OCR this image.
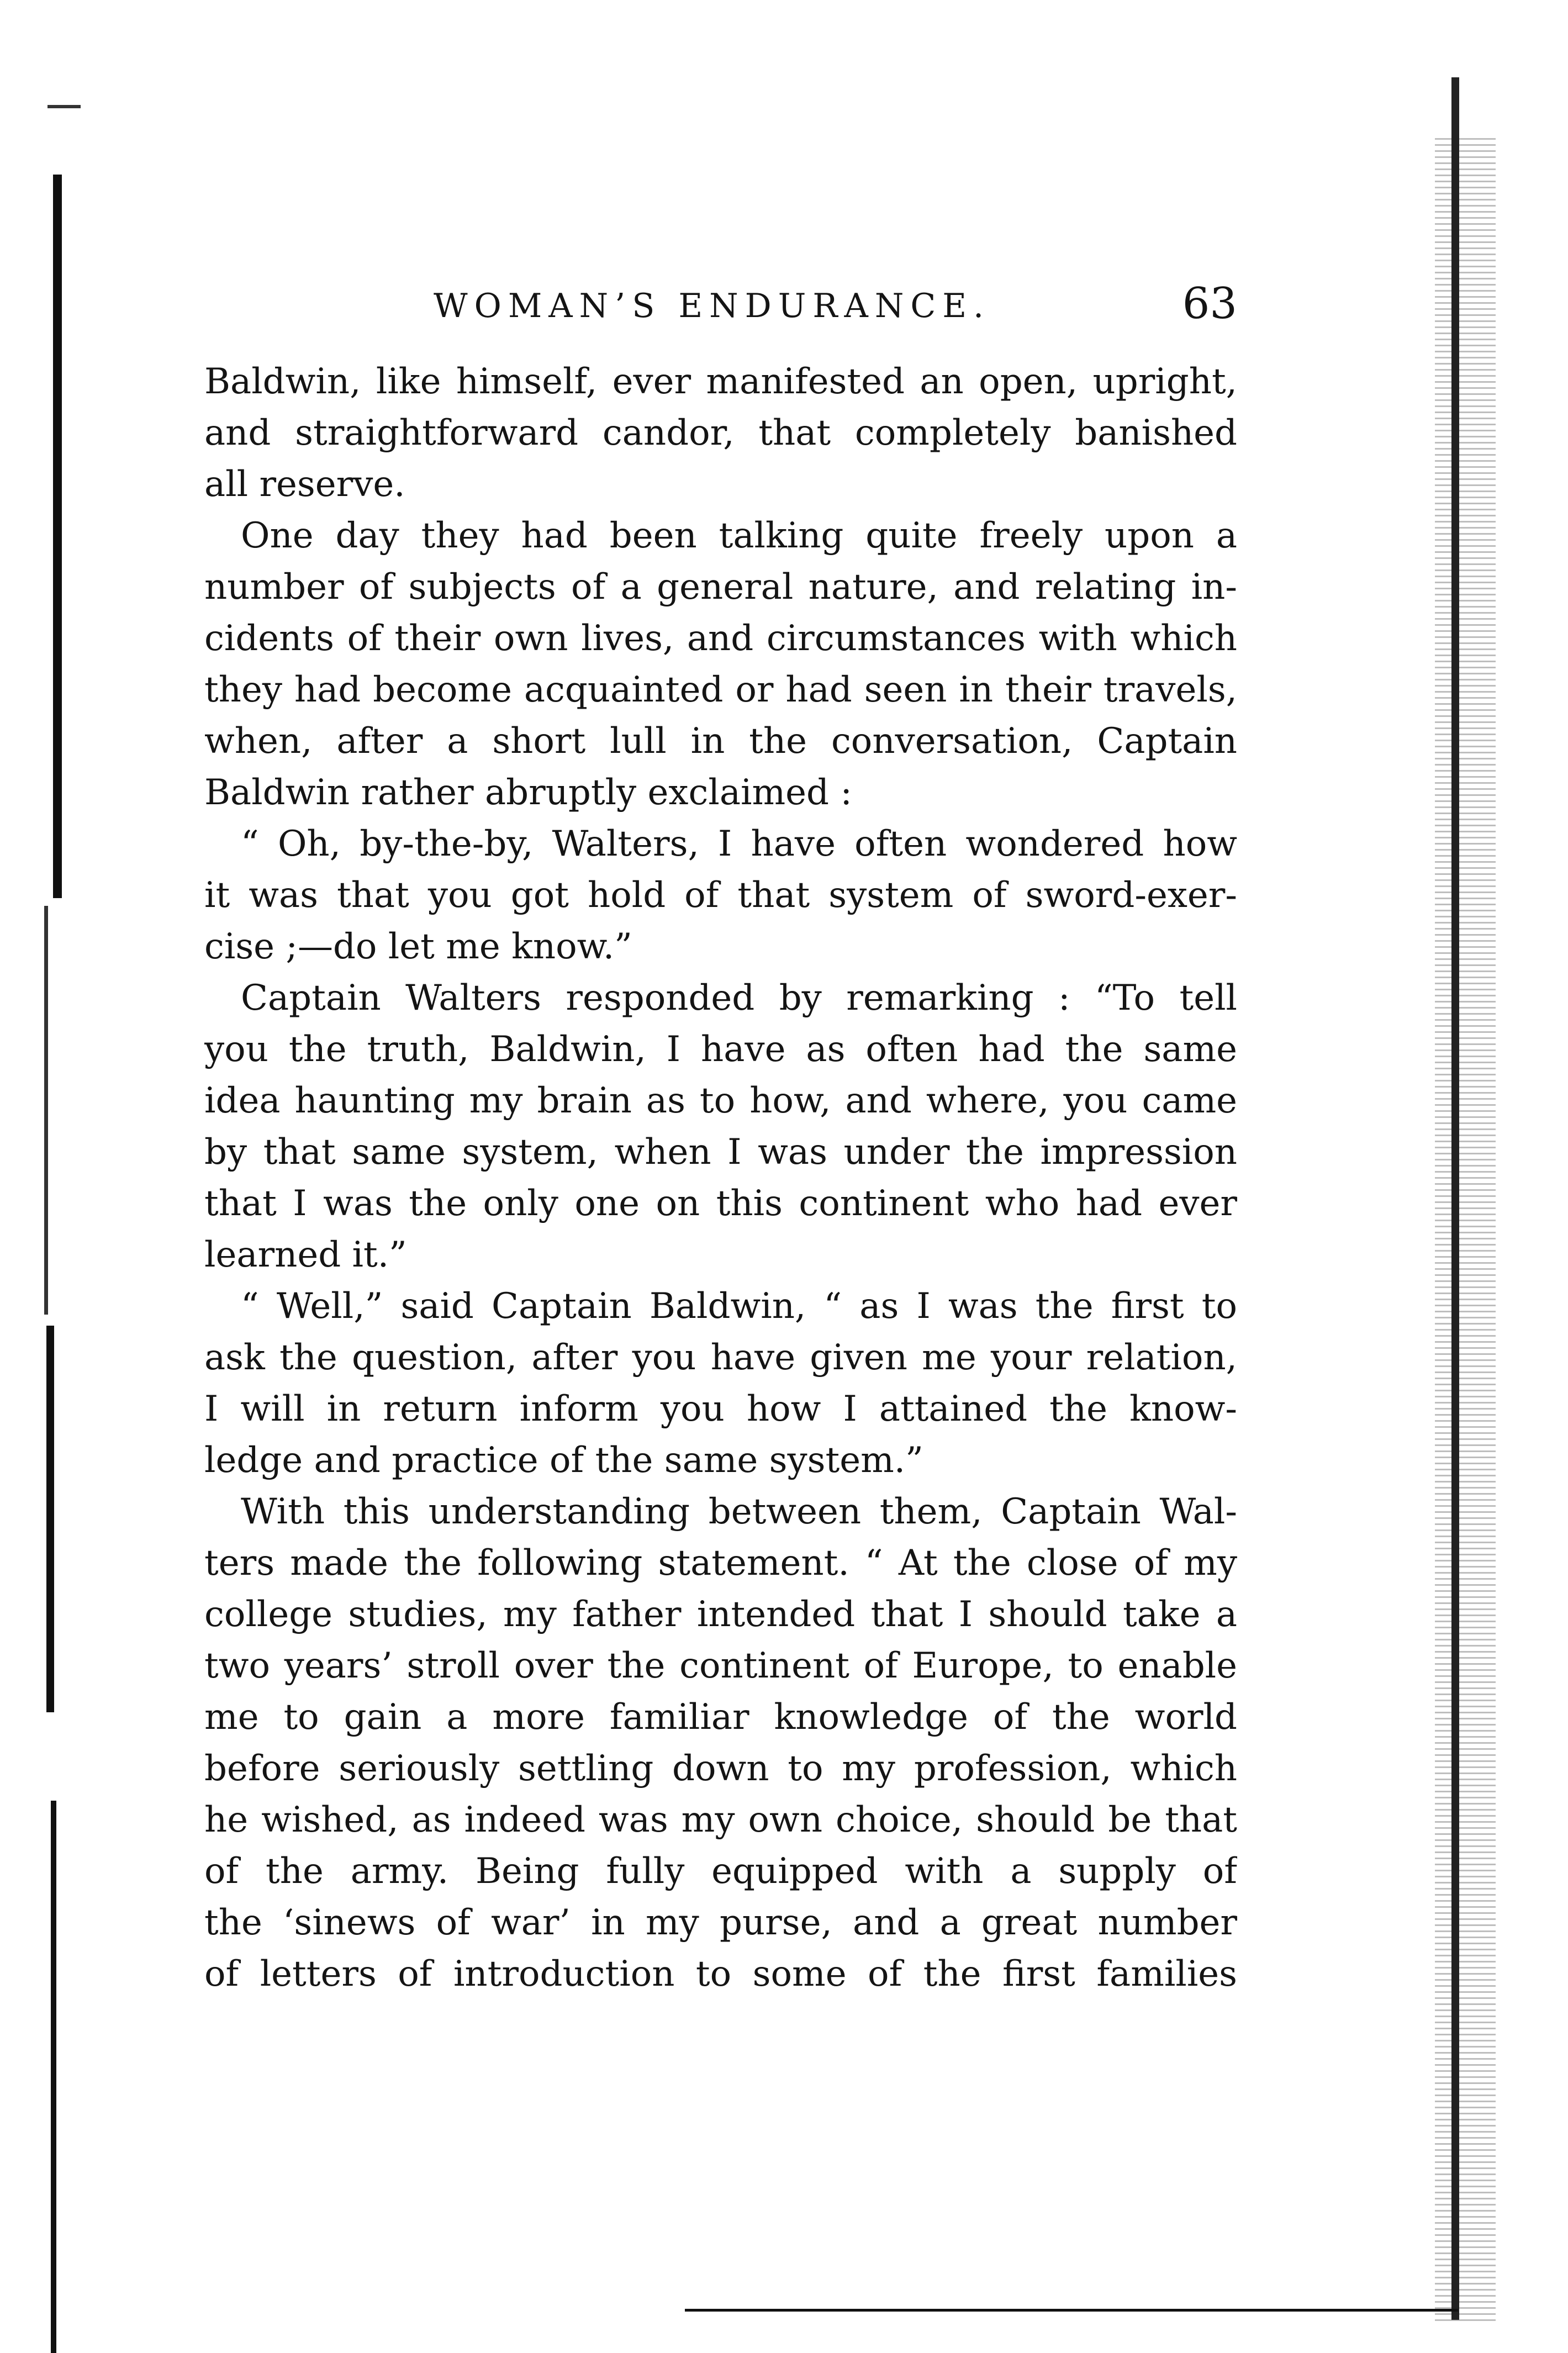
WOMAN’S ENDURANCE.	63
Baldwin, like himself, ever manifested an open, upright,
and straightforward candor, that completely banished
all reserve.
One day they had been talking quite freely upon a
number of subjects of a general nature, and relating in-
cidents of their own lives, and circumstances with which
they had become acquainted or had seen in their travels,
when, after a short lull in the conversation, Captain
Baldwin rather abruptly exclaimed :
“ Oh, by-the-by, Walters, I have often wondered how
it was that you got hold of that system of sword-exer-
cise ;—do let me know.”
Captain Walters responded by remarking : “To tell
you the truth, Baldwin, I have as often had the same
idea haunting my brain as to how, and where, you came
by that same system, when I was under the impression
that I was the only one on this continent who had ever
learned it.”
“ Well,” said Captain Baldwin, “ as I was the first to
ask the question, after you have given me your relation,
I will in return inform you how I attained the know-
ledge and practice of the same system.”
With this understanding between them, Captain Wal-
ters made the following statement. “ At the close of my
college studies, my father intended that I should take a
two years’ stroll over the continent of Europe, to enable
me to gain a more familiar knowledge of the world
before seriously settling down to my profession, which
he wished, as indeed was my own choice, should be that
of the army. Being fully equipped with a supply of
the ‘sinews of war’ in my purse, and a great number
of letters of introduction to some of the first families
